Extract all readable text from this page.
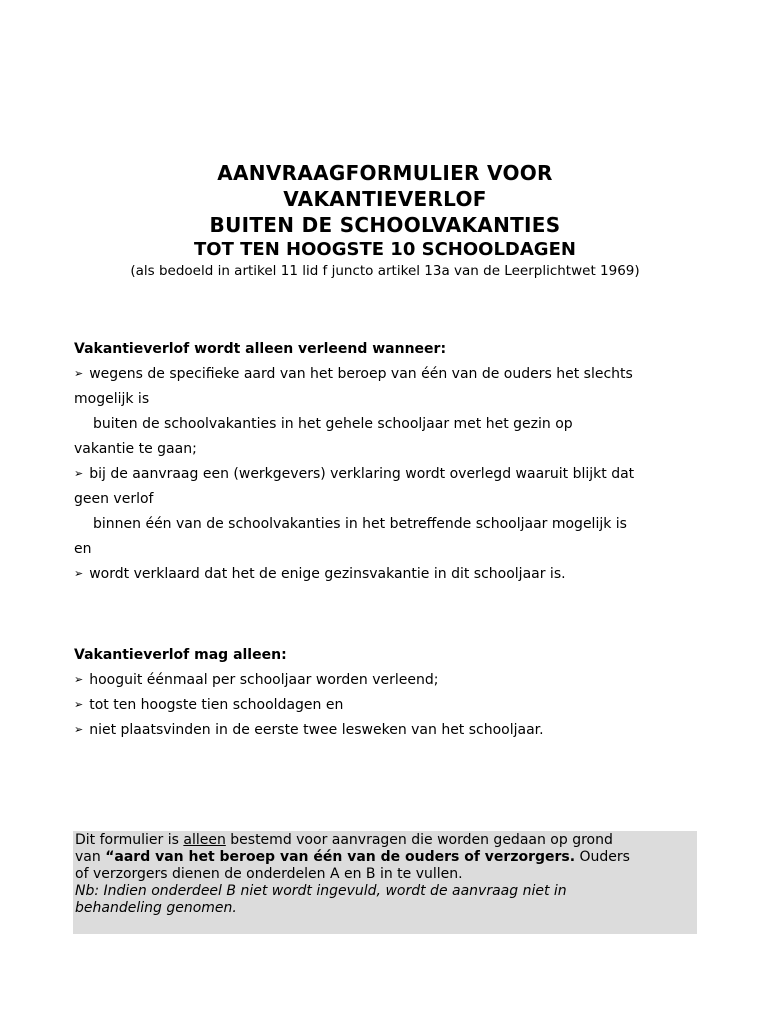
AANVRAAGFORMULIER VOOR
VAKANTIEVERLOF
BUITEN DE SCHOOLVAKANTIES
TOT TEN HOOGSTE 10 SCHOOLDAGEN
(als bedoeld in artikel 11 lid f juncto artikel 13a van de Leerplichtwet 1969)
Vakantieverlof wordt alleen verleend wanneer:
➢ wegens de specifieke aard van het beroep van één van de ouders het slechts
mogelijk is
buiten de schoolvakanties in het gehele schooljaar met het gezin op
vakantie te gaan;
➢ bij de aanvraag een (werkgevers) verklaring wordt overlegd waaruit blijkt dat
geen verlof
binnen één van de schoolvakanties in het betreffende schooljaar mogelijk is
en
➢ wordt verklaard dat het de enige gezinsvakantie in dit schooljaar is.
Vakantieverlof mag alleen:
➢ hooguit éénmaal per schooljaar worden verleend;
➢ tot ten hoogste tien schooldagen en
➢ niet plaatsvinden in de eerste twee lesweken van het schooljaar.
Dit formulier is alleen bestemd voor aanvragen die worden gedaan op grond
van “aard van het beroep van één van de ouders of verzorgers. Ouders
of verzorgers dienen de onderdelen A en B in te vullen.
Nb: Indien onderdeel B niet wordt ingevuld, wordt de aanvraag niet in
behandeling genomen.
